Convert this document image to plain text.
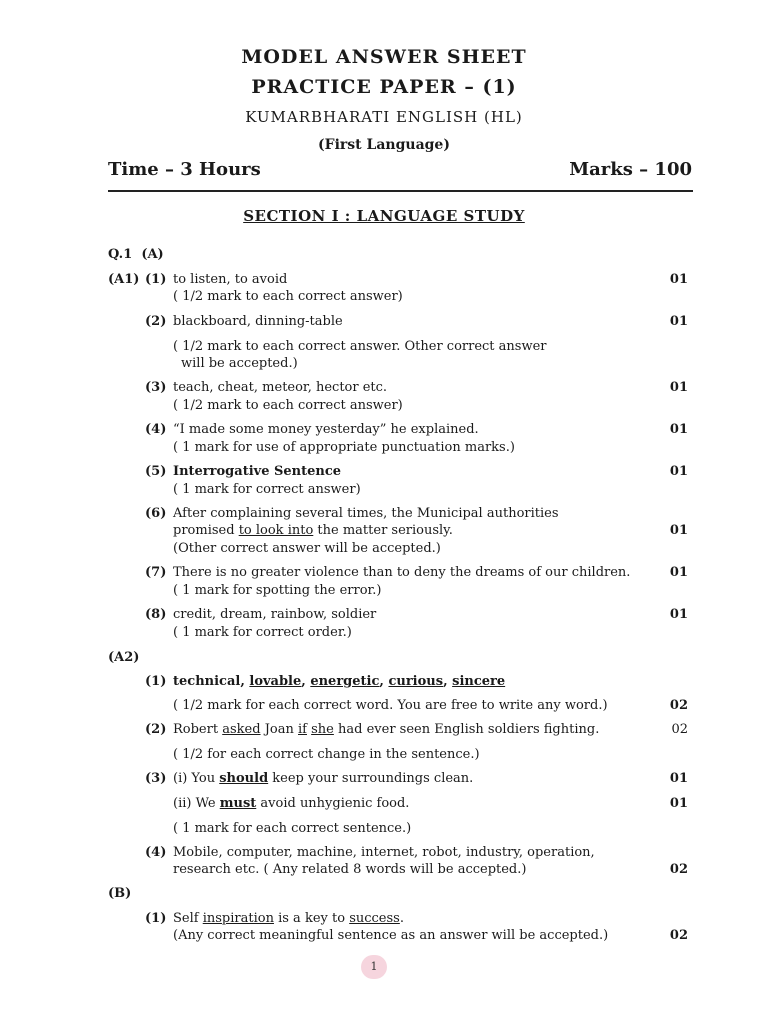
MODEL ANSWER SHEET
PRACTICE PAPER – (1)
KUMARBHARATI ENGLISH (HL)
(First Language)
Time – 3 Hours	Marks – 100
SECTION I : LANGUAGE STUDY
Q.1 (A)
(A1) (1) to listen, to avoid	01
( 1/2 mark to each correct answer)
(2) blackboard, dinning-table	01
( 1/2 mark to each correct answer. Other correct answer
will be accepted.)
(3) teach, cheat, meteor, hector etc.	01
( 1/2 mark to each correct answer)
(4) “I made some money yesterday” he explained.	01
( 1 mark for use of appropriate punctuation marks.)
(5) Interrogative Sentence	01
( 1 mark for correct answer)
(6) After complaining several times, the Municipal authorities
promised to look into the matter seriously.	01
(Other correct answer will be accepted.)
(7) There is no greater violence than to deny the dreams of our children.	01
( 1 mark for spotting the error.)
(8) credit, dream, rainbow, soldier	01
( 1 mark for correct order.)
(A2)
(1) technical, lovable, energetic, curious, sincere
( 1/2 mark for each correct word. You are free to write any word.)	02
(2) Robert asked Joan if she had ever seen English soldiers fighting.	02
( 1/2 for each correct change in the sentence.)
(3) (i) You should keep your surroundings clean.	01
(ii) We must avoid unhygienic food.	01
( 1 mark for each correct sentence.)
(4) Mobile, computer, machine, internet, robot, industry, operation,
research etc. ( Any related 8 words will be accepted.)	02
(B)
(1) Self inspiration is a key to success.
(Any correct meaningful sentence as an answer will be accepted.)	02
1
